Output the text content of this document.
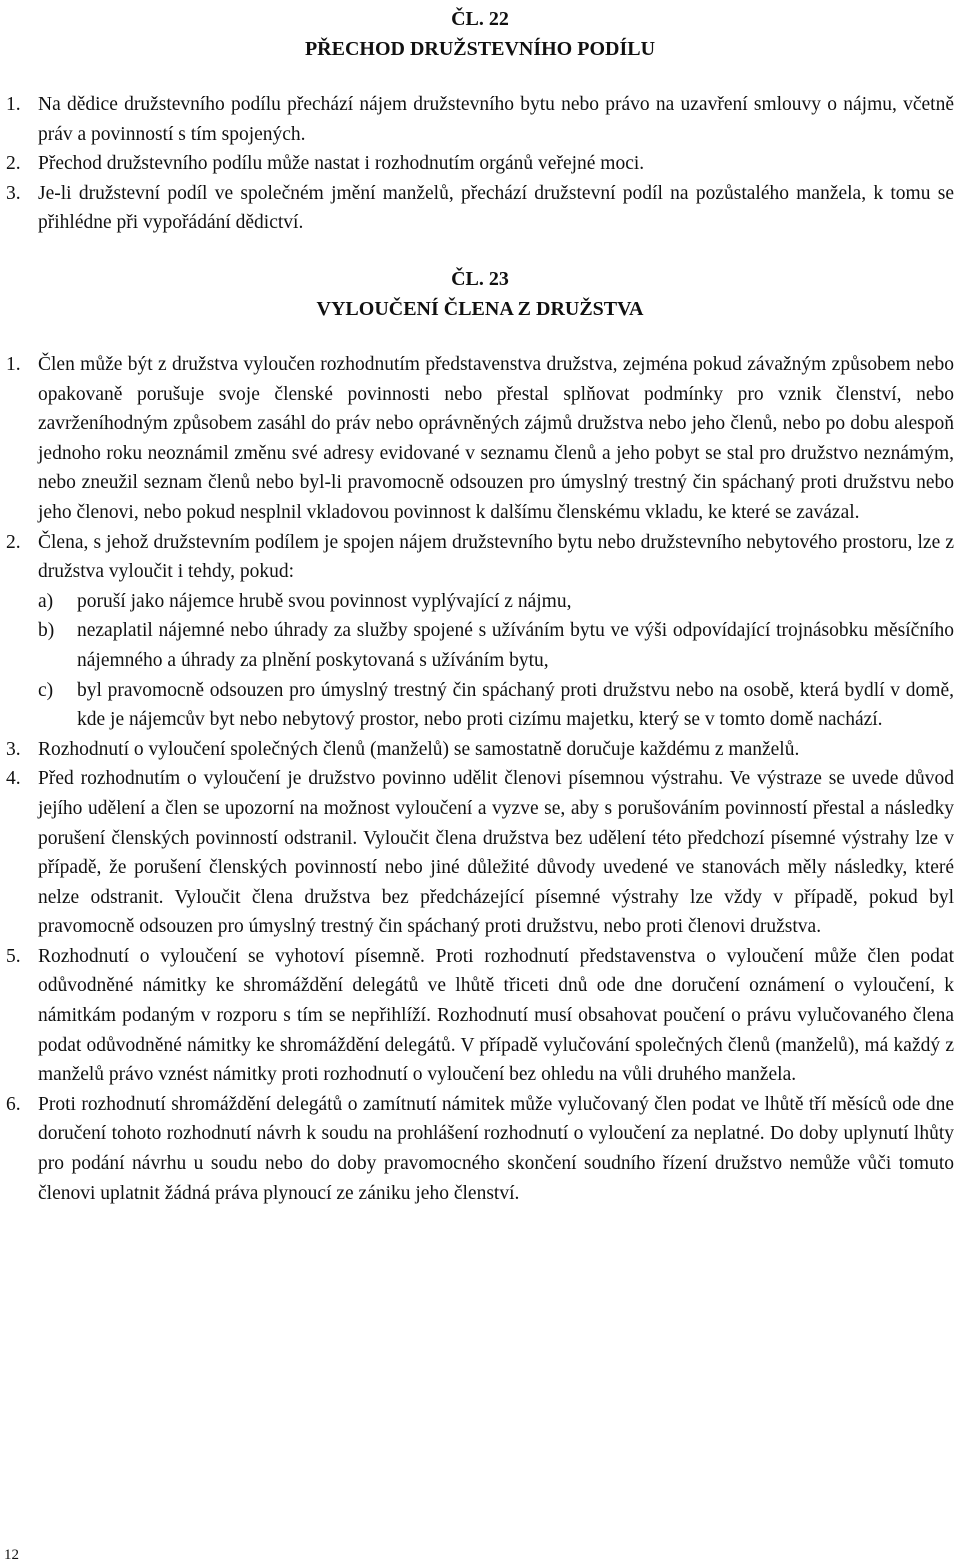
ČL. 22
PŘECHOD DRUŽSTEVNÍHO PODÍLU
1. Na dědice družstevního podílu přechází nájem družstevního bytu nebo právo na uzavření smlouvy o nájmu, včetně práv a povinností s tím spojených.
2. Přechod družstevního podílu může nastat i rozhodnutím orgánů veřejné moci.
3. Je-li družstevní podíl ve společném jmění manželů, přechází družstevní podíl na pozůstalého manžela, k tomu se přihlédne při vypořádání dědictví.
ČL. 23
VYLOUČENÍ ČLENA Z DRUŽSTVA
1. Člen může být z družstva vyloučen rozhodnutím představenstva družstva, zejména pokud závažným způsobem nebo opakovaně porušuje svoje členské povinnosti nebo přestal splňovat podmínky pro vznik členství, nebo zavrženíhodným způsobem zasáhl do práv nebo oprávněných zájmů družstva nebo jeho členů, nebo po dobu alespoň jednoho roku neoznámil změnu své adresy evidované v seznamu členů a jeho pobyt se stal pro družstvo neznámým, nebo zneužil seznam členů nebo byl-li pravomocně odsouzen pro úmyslný trestný čin spáchaný proti družstvu nebo jeho členovi, nebo pokud nesplnil vkladovou povinnost k dalšímu členskému vkladu, ke které se zavázal.
2. Člena, s jehož družstevním podílem je spojen nájem družstevního bytu nebo družstevního nebytového prostoru, lze z družstva vyloučit i tehdy, pokud:
a) poruší jako nájemce hrubě svou povinnost vyplývající z nájmu,
b) nezaplatil nájemné nebo úhrady za služby spojené s užíváním bytu ve výši odpovídající trojnásobku měsíčního nájemného a úhrady za plnění poskytovaná s užíváním bytu,
c) byl pravomocně odsouzen pro úmyslný trestný čin spáchaný proti družstvu nebo na osobě, která bydlí v domě, kde je nájemcův byt nebo nebytový prostor, nebo proti cizímu majetku, který se v tomto domě nachází.
3. Rozhodnutí o vyloučení společných členů (manželů) se samostatně doručuje každému z manželů.
4. Před rozhodnutím o vyloučení je družstvo povinno udělit členovi písemnou výstrahu. Ve výstraze se uvede důvod jejího udělení a člen se upozorní na možnost vyloučení a vyzve se, aby s porušováním povinností přestal a následky porušení členských povinností odstranil. Vyloučit člena družstva bez udělení této předchozí písemné výstrahy lze v případě, že porušení členských povinností nebo jiné důležité důvody uvedené ve stanovách měly následky, které nelze odstranit. Vyloučit člena družstva bez předcházející písemné výstrahy lze vždy v případě, pokud byl pravomocně odsouzen pro úmyslný trestný čin spáchaný proti družstvu, nebo proti členovi družstva.
5. Rozhodnutí o vyloučení se vyhotoví písemně. Proti rozhodnutí představenstva o vyloučení může člen podat odůvodněné námitky ke shromáždění delegátů ve lhůtě třiceti dnů ode dne doručení oznámení o vyloučení, k námitkám podaným v rozporu s tím se nepřihlíží. Rozhodnutí musí obsahovat poučení o právu vylučovaného člena podat odůvodněné námitky ke shromáždění delegátů. V případě vylučování společných členů (manželů), má každý z manželů právo vznést námitky proti rozhodnutí o vyloučení bez ohledu na vůli druhého manžela.
6. Proti rozhodnutí shromáždění delegátů o zamítnutí námitek může vylučovaný člen podat ve lhůtě tří měsíců ode dne doručení tohoto rozhodnutí návrh k soudu na prohlášení rozhodnutí o vyloučení za neplatné. Do doby uplynutí lhůty pro podání návrhu u soudu nebo do doby pravomocného skončení soudního řízení družstvo nemůže vůči tomuto členovi uplatnit žádná práva plynoucí ze zániku jeho členství.
12
